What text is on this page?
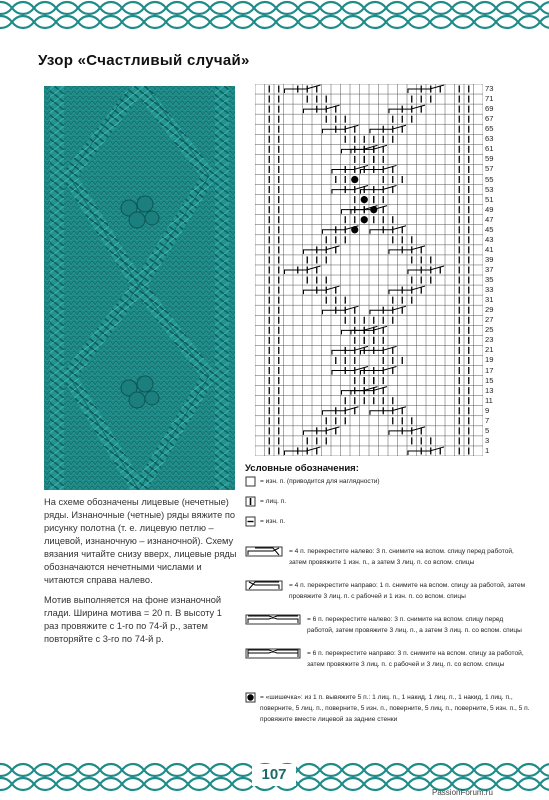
Узор «Счастливый случай»

На схеме обозначены лицевые (нечетные) ряды. Изнаночные (четные) ряды вяжите по рисунку полотна (т. е. лицевую петлю – лицевой, изнаночную – изнаночной). Схему вязания читайте снизу вверх, лицевые ряды обозначаются нечетными числами и читаются справа налево.

Мотив выполняется на фоне изнаночной глади. Ширина мотива = 20 п. В высоту 1 раз провяжите с 1-го по 74-й р., затем повторяйте с 3-го по 74-й р.

73
71
69
67
65
63
61
59
57
55
53
51
49
47
45
43
41
39
37
35
33
31
29
27
25
23
21
19
17
15
13
11
9
7
5
3
1
Условные обозначения:
= изн. п. (приводится для наглядности)
= лиц. п.
= изн. п.
= 4 п. перекрестите налево: 3 п. снимите на вспом. спицу перед работой, затем провяжите 1 изн. п., а затем 3 лиц. п. со вспом. спицы
= 4 п. перекрестите направо: 1 п. снимите на вспом. спицу за работой, затем провяжите 3 лиц. п. с рабочей и 1 изн. п. со вспом. спицы
= 6 п. перекрестите налево: 3 п. снимите на вспом. спицу перед работой, затем провяжите 3 лиц. п., а затем 3 лиц. п. со вспом. спицы
= 6 п. перекрестите направо: 3 п. снимите на вспом. спицу за работой, затем провяжите 3 лиц. п. с рабочей и 3 лиц. п. со вспом. спицы
= «шишечка»: из 1 п. вывяжите 5 п.: 1 лиц. п., 1 накид, 1 лиц. п., 1 накид, 1 лиц. п., поверните, 5 лиц. п., поверните, 5 изн. п., поверните, 5 лиц. п., поверните, 5 изн. п., 5 п. провяжите вместе лицевой за задние стенки
107
PassionForum.ru
